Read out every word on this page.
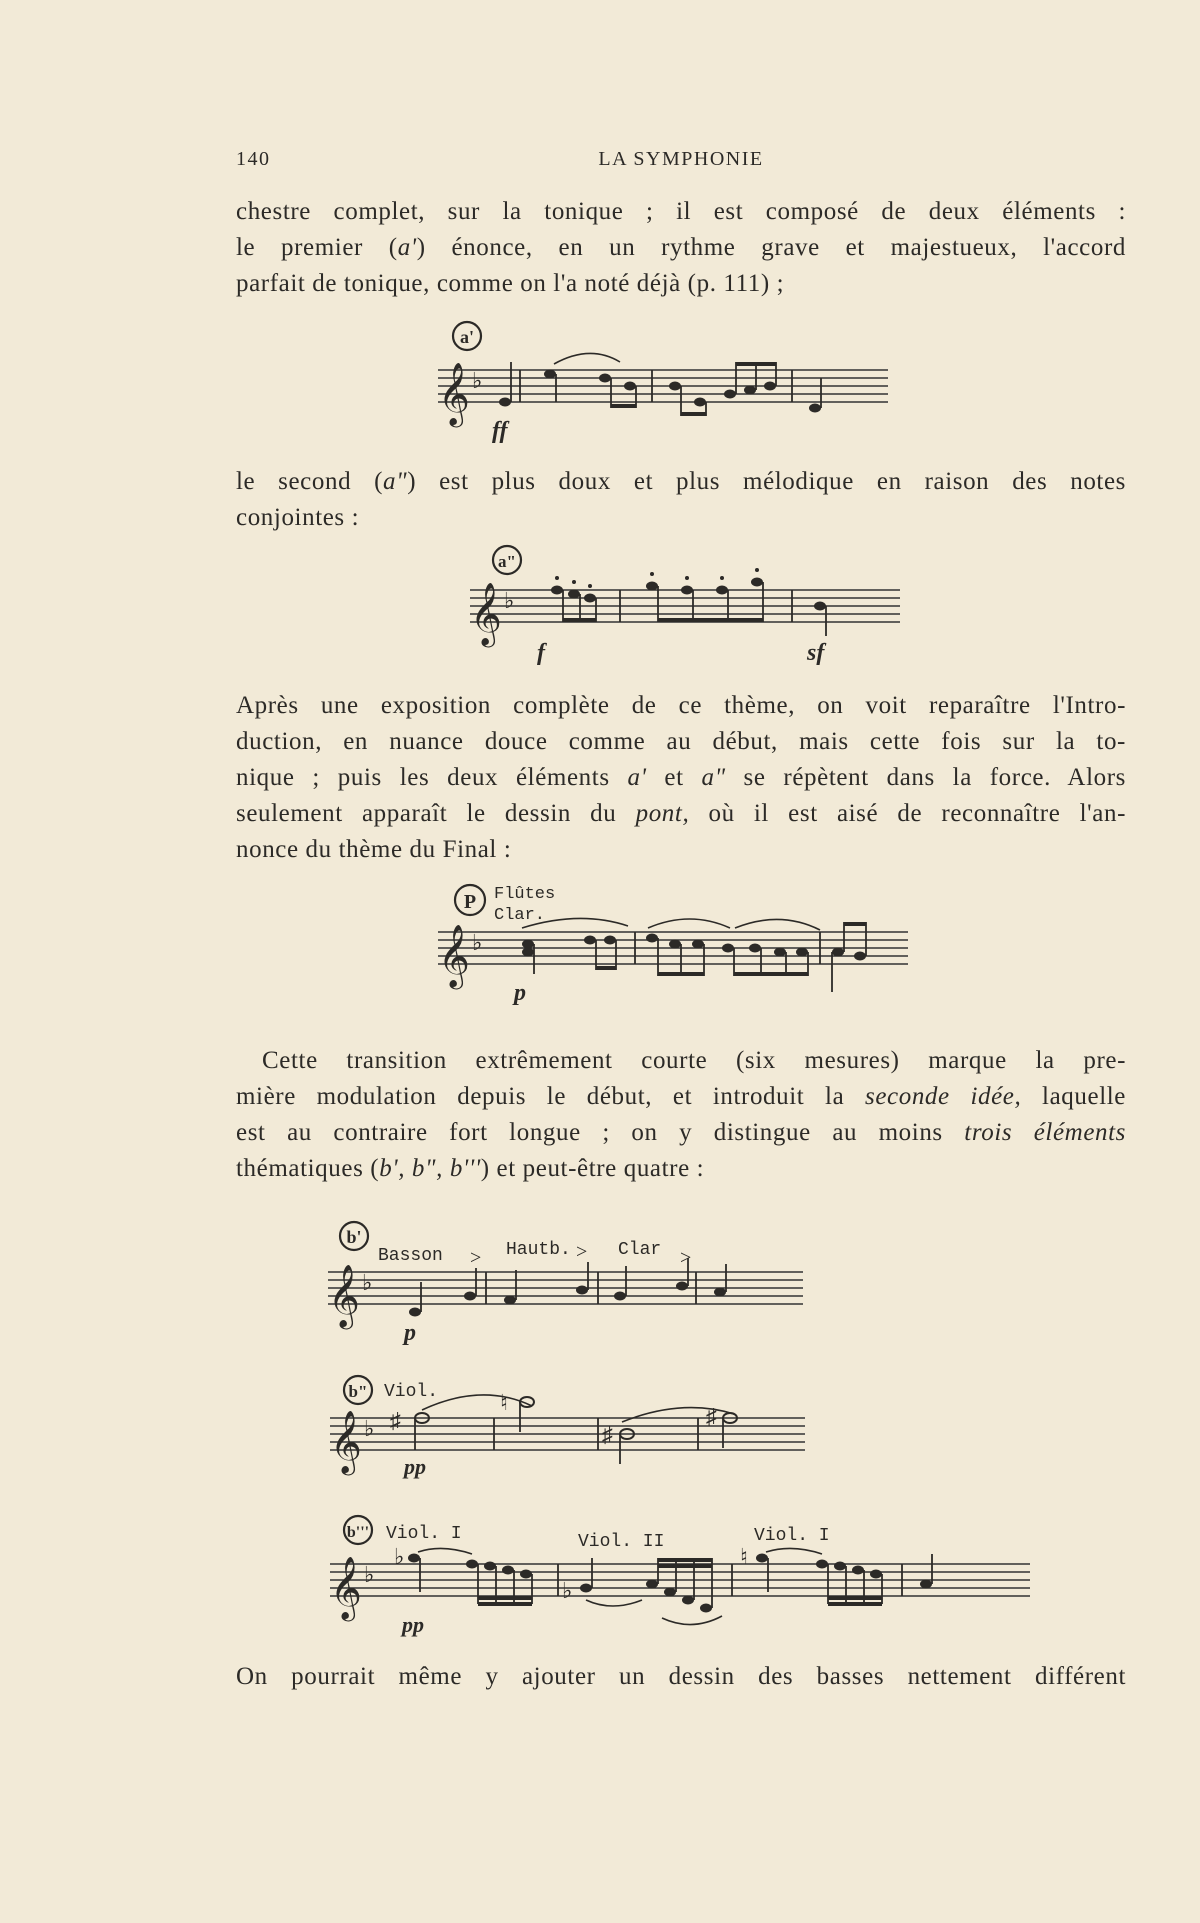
140	LA SYMPHONIE
chestre complet, sur la tonique ; il est composé de deux éléments :
le premier (a') énonce, en un rythme grave et majestueux, l'accord
parfait de tonique, comme on l'a noté déjà (p. 111) ;
a'
𝄞 ♭
ff
le second (a") est plus doux et plus mélodique en raison des notes
conjointes :
a"
𝄞 ♭
f	sf
Après une exposition complète de ce thème, on voit reparaître l'Intro-
duction, en nuance douce comme au début, mais cette fois sur la to-
nique ; puis les deux éléments a' et a" se répètent dans la force. Alors
seulement apparaît le dessin du pont, où il est aisé de reconnaître l'an-
nonce du thème du Final :
P Flûtes
Clar.
𝄞 ♭
p
Cette transition extrêmement courte (six mesures) marque la pre-
mière modulation depuis le début, et introduit la seconde idée, laquelle
est au contraire fort longue ; on y distingue au moins trois éléments
thématiques (b', b", b''') et peut-être quatre :
b'
Basson	Hautb.	Clar
>	>	>
𝄞 ♭
p
b" Viol.
𝄞 ♭ ♯
♮
♯
♯
pp
b''' Viol. I	Viol. II	Viol. I
𝄞 ♭
♭
♭
♮
pp
On pourrait même y ajouter un dessin des basses nettement différent
